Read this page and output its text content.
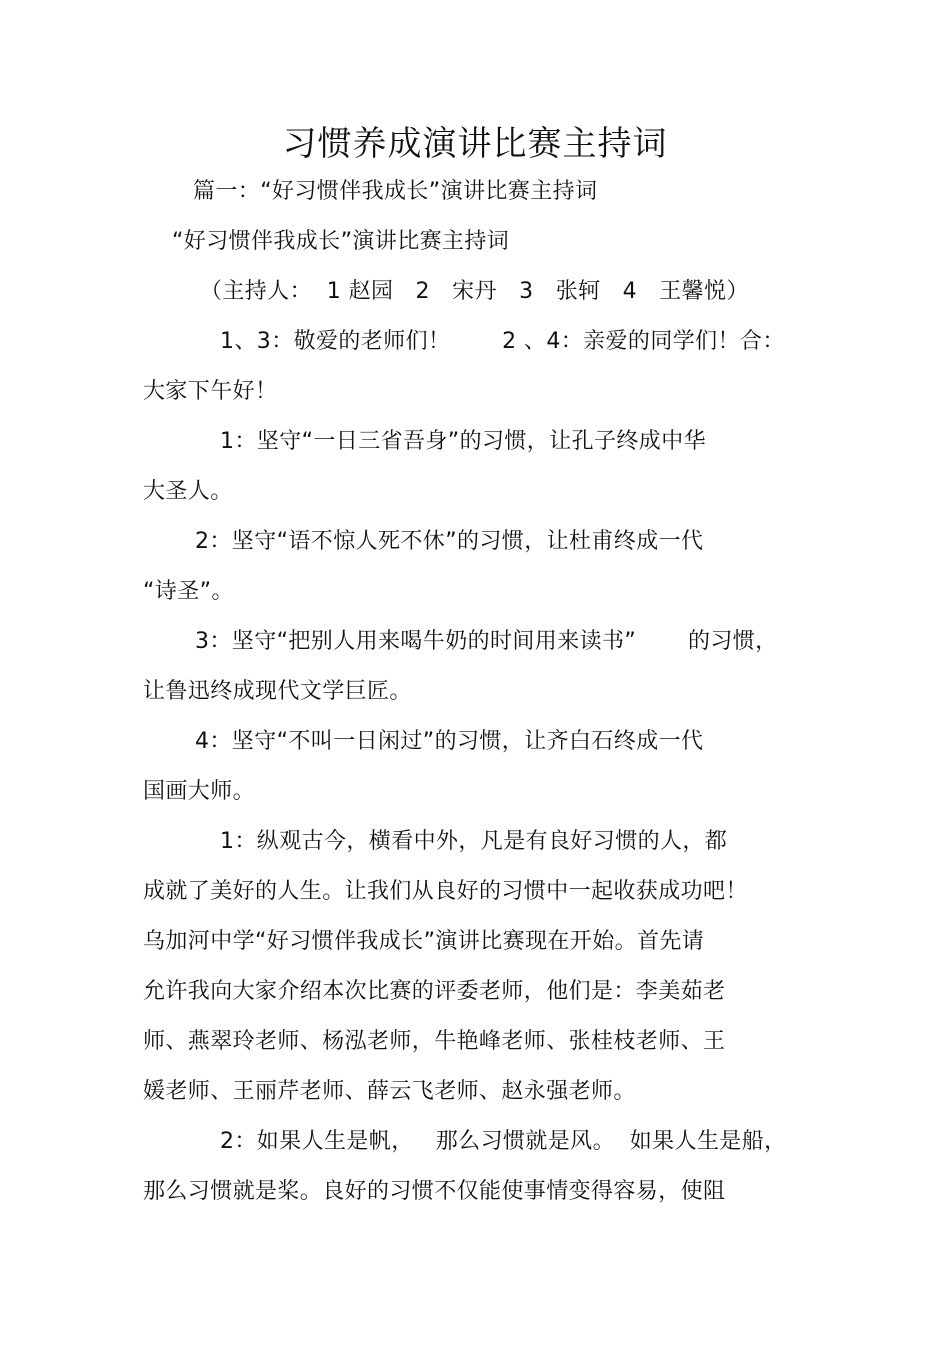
习惯养成演讲比赛主持词
篇一：“好习惯伴我成长”演讲比赛主持词
“好习惯伴我成长”演讲比赛主持词
（主持人：  1 赵园   2   宋丹   3   张轲   4   王馨悦）
1、3：敬爱的老师们！       2 、4：亲爱的同学们！合：
大家下午好！
1：坚守“一日三省吾身”的习惯，让孔子终成中华
大圣人。
2：坚守“语不惊人死不休”的习惯，让杜甫终成一代
“诗圣”。
3：坚守“把别人用来喝牛奶的时间用来读书”       的习惯，
让鲁迅终成现代文学巨匠。
4：坚守“不叫一日闲过”的习惯，让齐白石终成一代
国画大师。
1：纵观古今，横看中外，凡是有良好习惯的人，都
成就了美好的人生。让我们从良好的习惯中一起收获成功吧！
乌加河中学“好习惯伴我成长”演讲比赛现在开始。首先请
允许我向大家介绍本次比赛的评委老师，他们是：李美茹老
师、燕翠玲老师、杨泓老师，牛艳峰老师、张桂枝老师、王
媛老师、王丽芹老师、薛云飞老师、赵永强老师。
2：如果人生是帆，   那么习惯就是风。  如果人生是船，
那么习惯就是桨。良好的习惯不仅能使事情变得容易，使阻
